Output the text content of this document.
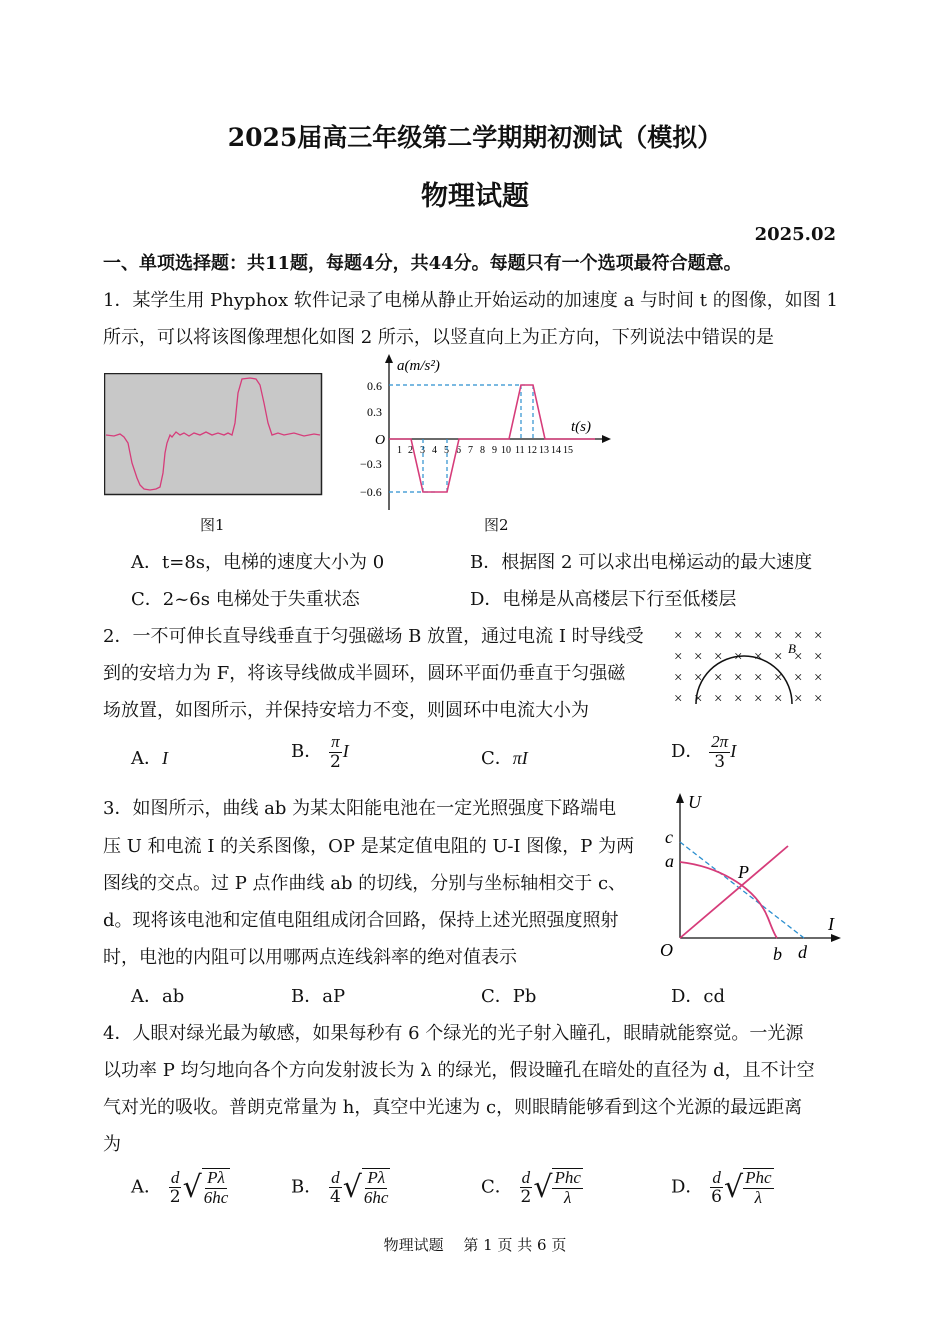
2025届高三年级第二学期期初测试（模拟）
物理试题
2025.02
一、单项选择题：共11题，每题4分，共44分。每题只有一个选项最符合题意。
1．某学生用 Phyphox 软件记录了电梯从静止开始运动的加速度 a 与时间 t 的图像，如图 1
所示，可以将该图像理想化如图 2 所示，以竖直向上为正方向，下列说法中错误的是
图1
a(m/s²)
t(s)
O
0.6
0.3
−0.3
−0.6
1 2 3 4 5 6 7 8 9 10 11 12 13 14 15
图2
A．t=8s，电梯的速度大小为 0	B．根据图 2 可以求出电梯运动的最大速度
C．2~6s 电梯处于失重状态	D．电梯是从高楼层下行至低楼层
2．一不可伸长直导线垂直于匀强磁场 B 放置，通过电流 I 时导线受
到的安培力为 F，将该导线做成半圆环，圆环平面仍垂直于匀强磁
场放置，如图所示，并保持安培力不变，则圆环中电流大小为
× × × × × × × ×
× × × × × × × ×
× × × × × × × ×
× × × × × × × ×
B
A．I	B． $\frac{\pi}{2}$ I	C．πI	D． $\frac{2\pi}{3}$ I
3．如图所示，曲线 ab 为某太阳能电池在一定光照强度下路端电
压 U 和电流 I 的关系图像，OP 是某定值电阻的 U-I 图像，P 为两
图线的交点。过 P 点作曲线 ab 的切线，分别与坐标轴相交于 c、
d。现将该电池和定值电阻组成闭合回路，保持上述光照强度照射
时，电池的内阻可以用哪两点连线斜率的绝对值表示
U
I
O
c
a
b d
P
A．ab	B．aP	C．Pb	D．cd
4．人眼对绿光最为敏感，如果每秒有 6 个绿光的光子射入瞳孔，眼睛就能察觉。一光源
以功率 P 均匀地向各个方向发射波长为 λ 的绿光，假设瞳孔在暗处的直径为 d，且不计空
气对光的吸收。普朗克常量为 h，真空中光速为 c，则眼睛能够看到这个光源的最远距离
为
A． $\frac{d}{2}$ √ $\frac{P\lambda}{6hc}$	B． $\frac{d}{4}$ √ $\frac{P\lambda}{6hc}$	C． $\frac{d}{2}$ √ $\frac{\text{Phc}}{\lambda}$	D． $\frac{d}{6}$ √ $\frac{\text{Phc}}{\lambda}$
物理试题　 第 1 页 共 6 页
